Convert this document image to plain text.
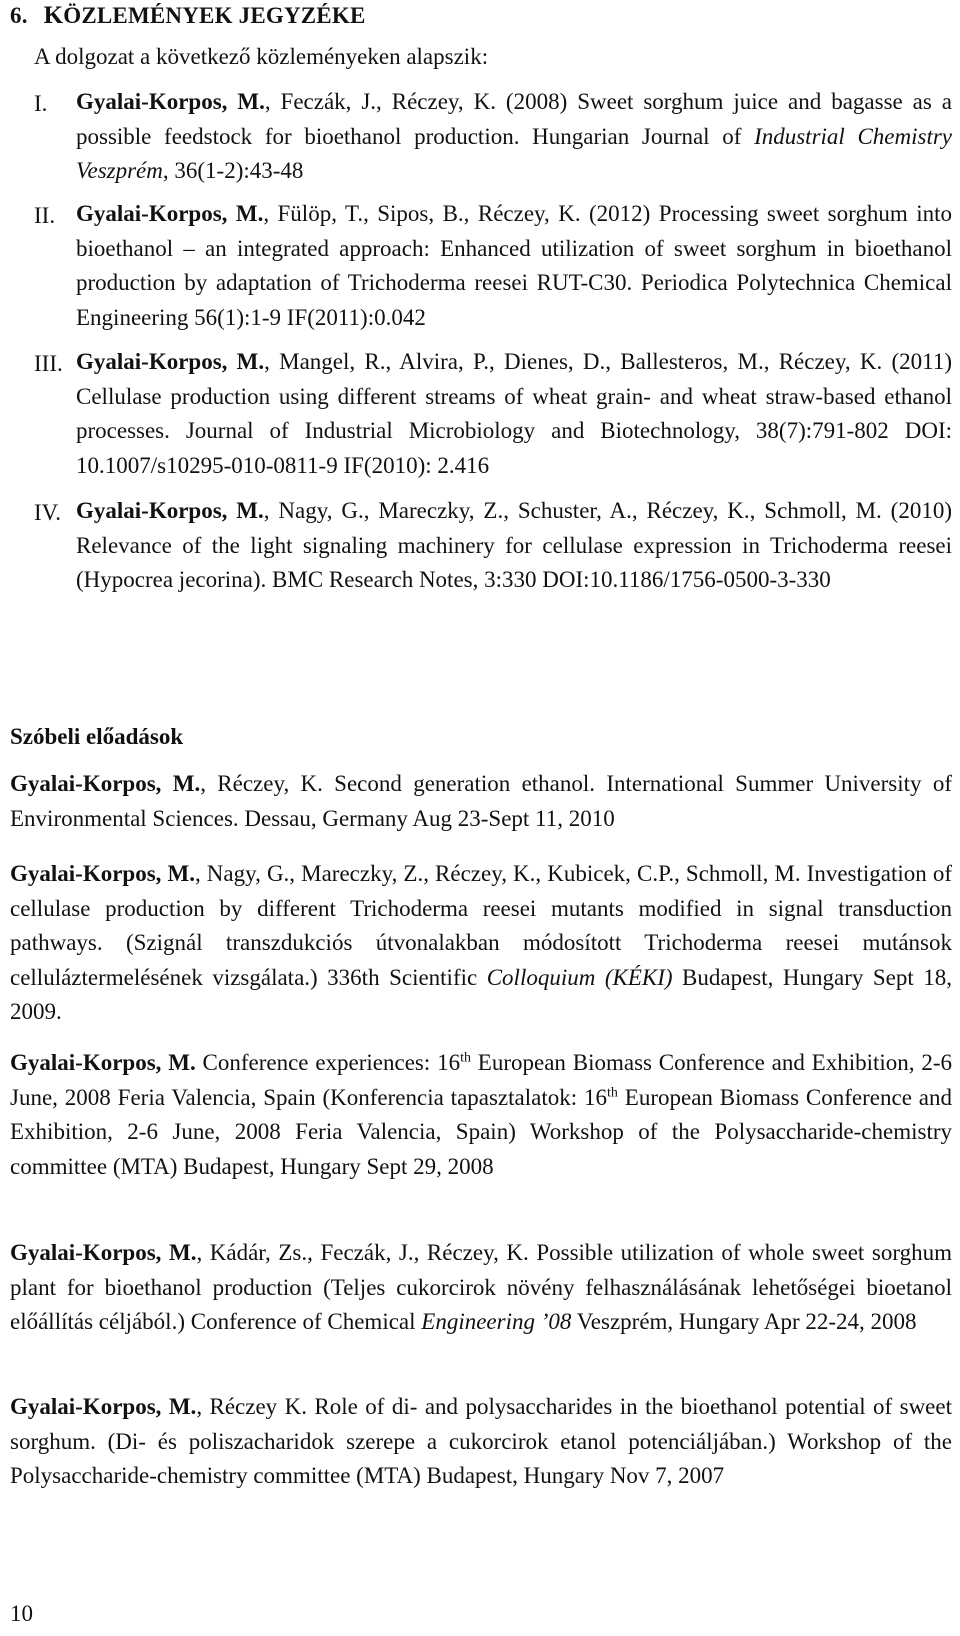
6. KÖZLEMÉNYEK JEGYZÉKE
A dolgozat a következő közleményeken alapszik:
I. Gyalai-Korpos, M., Feczák, J., Réczey, K. (2008) Sweet sorghum juice and bagasse as a possible feedstock for bioethanol production. Hungarian Journal of Industrial Chemistry Veszprém, 36(1-2):43-48
II. Gyalai-Korpos, M., Fülöp, T., Sipos, B., Réczey, K. (2012) Processing sweet sorghum into bioethanol – an integrated approach: Enhanced utilization of sweet sorghum in bioethanol production by adaptation of Trichoderma reesei RUT-C30. Periodica Polytechnica Chemical Engineering 56(1):1-9 IF(2011):0.042
III. Gyalai-Korpos, M., Mangel, R., Alvira, P., Dienes, D., Ballesteros, M., Réczey, K. (2011) Cellulase production using different streams of wheat grain- and wheat straw-based ethanol processes. Journal of Industrial Microbiology and Biotechnology, 38(7):791-802 DOI: 10.1007/s10295-010-0811-9 IF(2010): 2.416
IV. Gyalai-Korpos, M., Nagy, G., Mareczky, Z., Schuster, A., Réczey, K., Schmoll, M. (2010) Relevance of the light signaling machinery for cellulase expression in Trichoderma reesei (Hypocrea jecorina). BMC Research Notes, 3:330 DOI:10.1186/1756-0500-3-330
Szóbeli előadások
Gyalai-Korpos, M., Réczey, K. Second generation ethanol. International Summer University of Environmental Sciences. Dessau, Germany Aug 23-Sept 11, 2010
Gyalai-Korpos, M., Nagy, G., Mareczky, Z., Réczey, K., Kubicek, C.P., Schmoll, M. Investigation of cellulase production by different Trichoderma reesei mutants modified in signal transduction pathways. (Szignál transzdukciós útvonalakban módosított Trichoderma reesei mutánsok celluláztermelésének vizsgálata.) 336th Scientific Colloquium (KÉKI) Budapest, Hungary Sept 18, 2009.
Gyalai-Korpos, M. Conference experiences: 16th European Biomass Conference and Exhibition, 2-6 June, 2008 Feria Valencia, Spain (Konferencia tapasztalatok: 16th European Biomass Conference and Exhibition, 2-6 June, 2008 Feria Valencia, Spain) Workshop of the Polysaccharide-chemistry committee (MTA) Budapest, Hungary Sept 29, 2008
Gyalai-Korpos, M., Kádár, Zs., Feczák, J., Réczey, K. Possible utilization of whole sweet sorghum plant for bioethanol production (Teljes cukorcirok növény felhasználásának lehetőségei bioetanol előállítás céljából.) Conference of Chemical Engineering ’08 Veszprém, Hungary Apr 22-24, 2008
Gyalai-Korpos, M., Réczey K. Role of di- and polysaccharides in the bioethanol potential of sweet sorghum. (Di- és poliszacharidok szerepe a cukorcirok etanol potenciáljában.) Workshop of the Polysaccharide-chemistry committee (MTA) Budapest, Hungary Nov 7, 2007
10
